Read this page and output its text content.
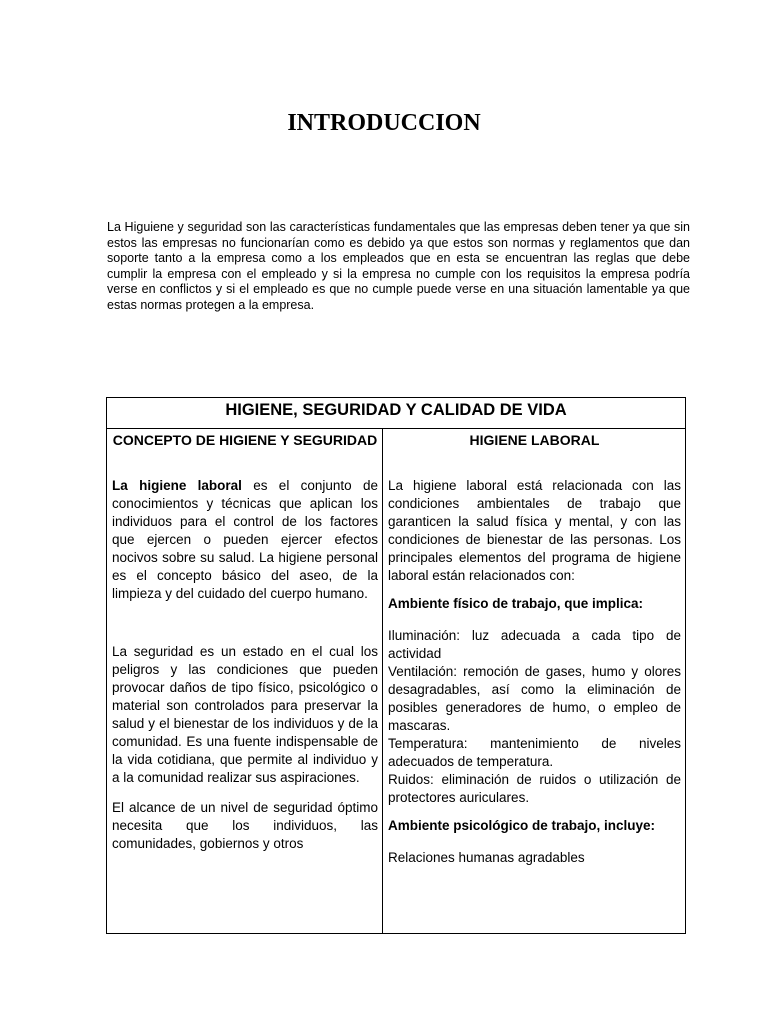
INTRODUCCION

La Higuiene y seguridad son las características fundamentales que las empresas deben tener ya que sin estos las empresas no funcionarían como es debido ya que estos son normas y reglamentos que dan soporte tanto a la empresa como a los empleados que en esta se encuentran las reglas que debe cumplir la empresa con el empleado y si la empresa no cumple con los requisitos la empresa podría verse en conflictos y si el empleado es que no cumple puede verse en una situación lamentable ya que estas normas protegen a la empresa.

HIGIENE, SEGURIDAD Y CALIDAD DE VIDA

CONCEPTO DE HIGIENE Y SEGURIDAD

La higiene laboral es el conjunto de conocimientos y técnicas que aplican los individuos para el control de los factores que ejercen o pueden ejercer efectos nocivos sobre su salud. La higiene personal es el concepto básico del aseo, de la limpieza y del cuidado del cuerpo humano.

La seguridad es un estado en el cual los peligros y las condiciones que pueden provocar daños de tipo físico, psicológico o material son controlados para preservar la salud y el bienestar de los individuos y de la comunidad. Es una fuente indispensable de la vida cotidiana, que permite al individuo y a la comunidad realizar sus aspiraciones.

El alcance de un nivel de seguridad óptimo necesita que los individuos, las comunidades, gobiernos y otros

HIGIENE LABORAL

La higiene laboral está relacionada con las condiciones ambientales de trabajo que garanticen la salud física y mental, y con las condiciones de bienestar de las personas. Los principales elementos del programa de higiene laboral están relacionados con:

Ambiente físico de trabajo, que implica:

Iluminación: luz adecuada a cada tipo de actividad

Ventilación: remoción de gases, humo y olores desagradables, así como la eliminación de posibles generadores de humo, o empleo de mascaras.

Temperatura: mantenimiento de niveles adecuados de temperatura.

Ruidos: eliminación de ruidos o utilización de protectores auriculares.

Ambiente psicológico de trabajo, incluye:

Relaciones humanas agradables
